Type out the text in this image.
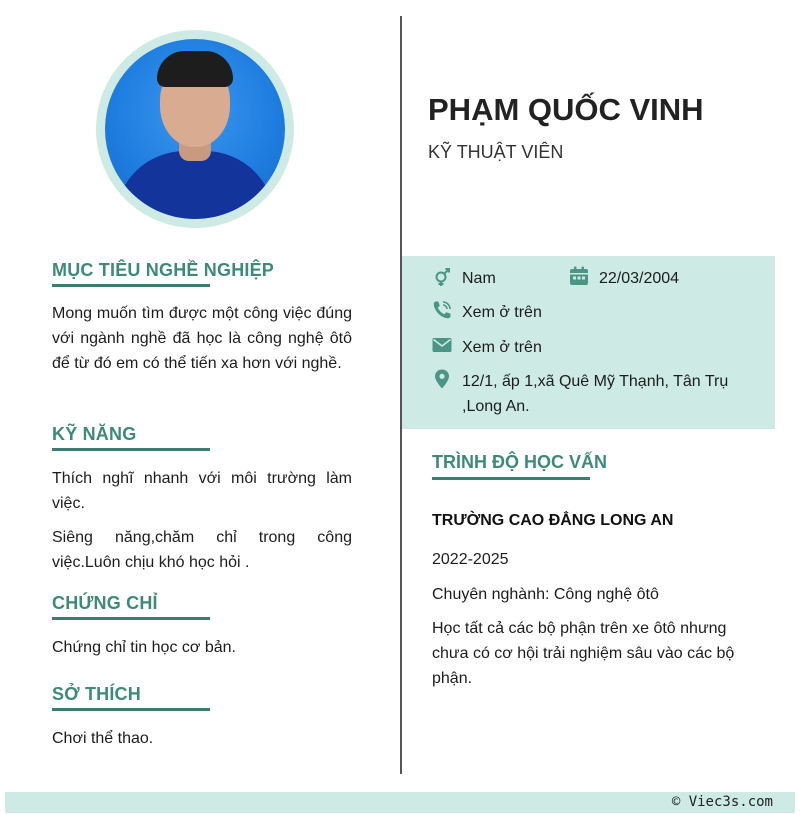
MỤC TIÊU NGHỀ NGHIỆP
Mong muốn tìm được một công việc đúng với ngành nghề đã học là công nghệ ôtô để từ đó em có thể tiến xa hơn với nghề.
KỸ NĂNG
Thích nghĩ nhanh với môi trường làm việc.
Siêng năng,chăm chỉ trong công việc.Luôn chịu khó học hỏi .
CHỨNG CHỈ
Chứng chỉ tin học cơ bản.
SỞ THÍCH
Chơi thể thao.
PHẠM QUỐC VINH
KỸ THUẬT VIÊN
Nam	22/03/2004
Xem ở trên
Xem ở trên
12/1, ấp 1,xã Quê Mỹ Thạnh, Tân Trụ
,Long An.
TRÌNH ĐỘ HỌC VẤN
TRƯỜNG CAO ĐẲNG LONG AN
2022-2025
Chuyên nghành: Công nghệ ôtô
Học tất cả các bộ phận trên xe ôtô nhưng chưa có cơ hội trải nghiệm sâu vào các bộ phận.
© Viec3s.com
